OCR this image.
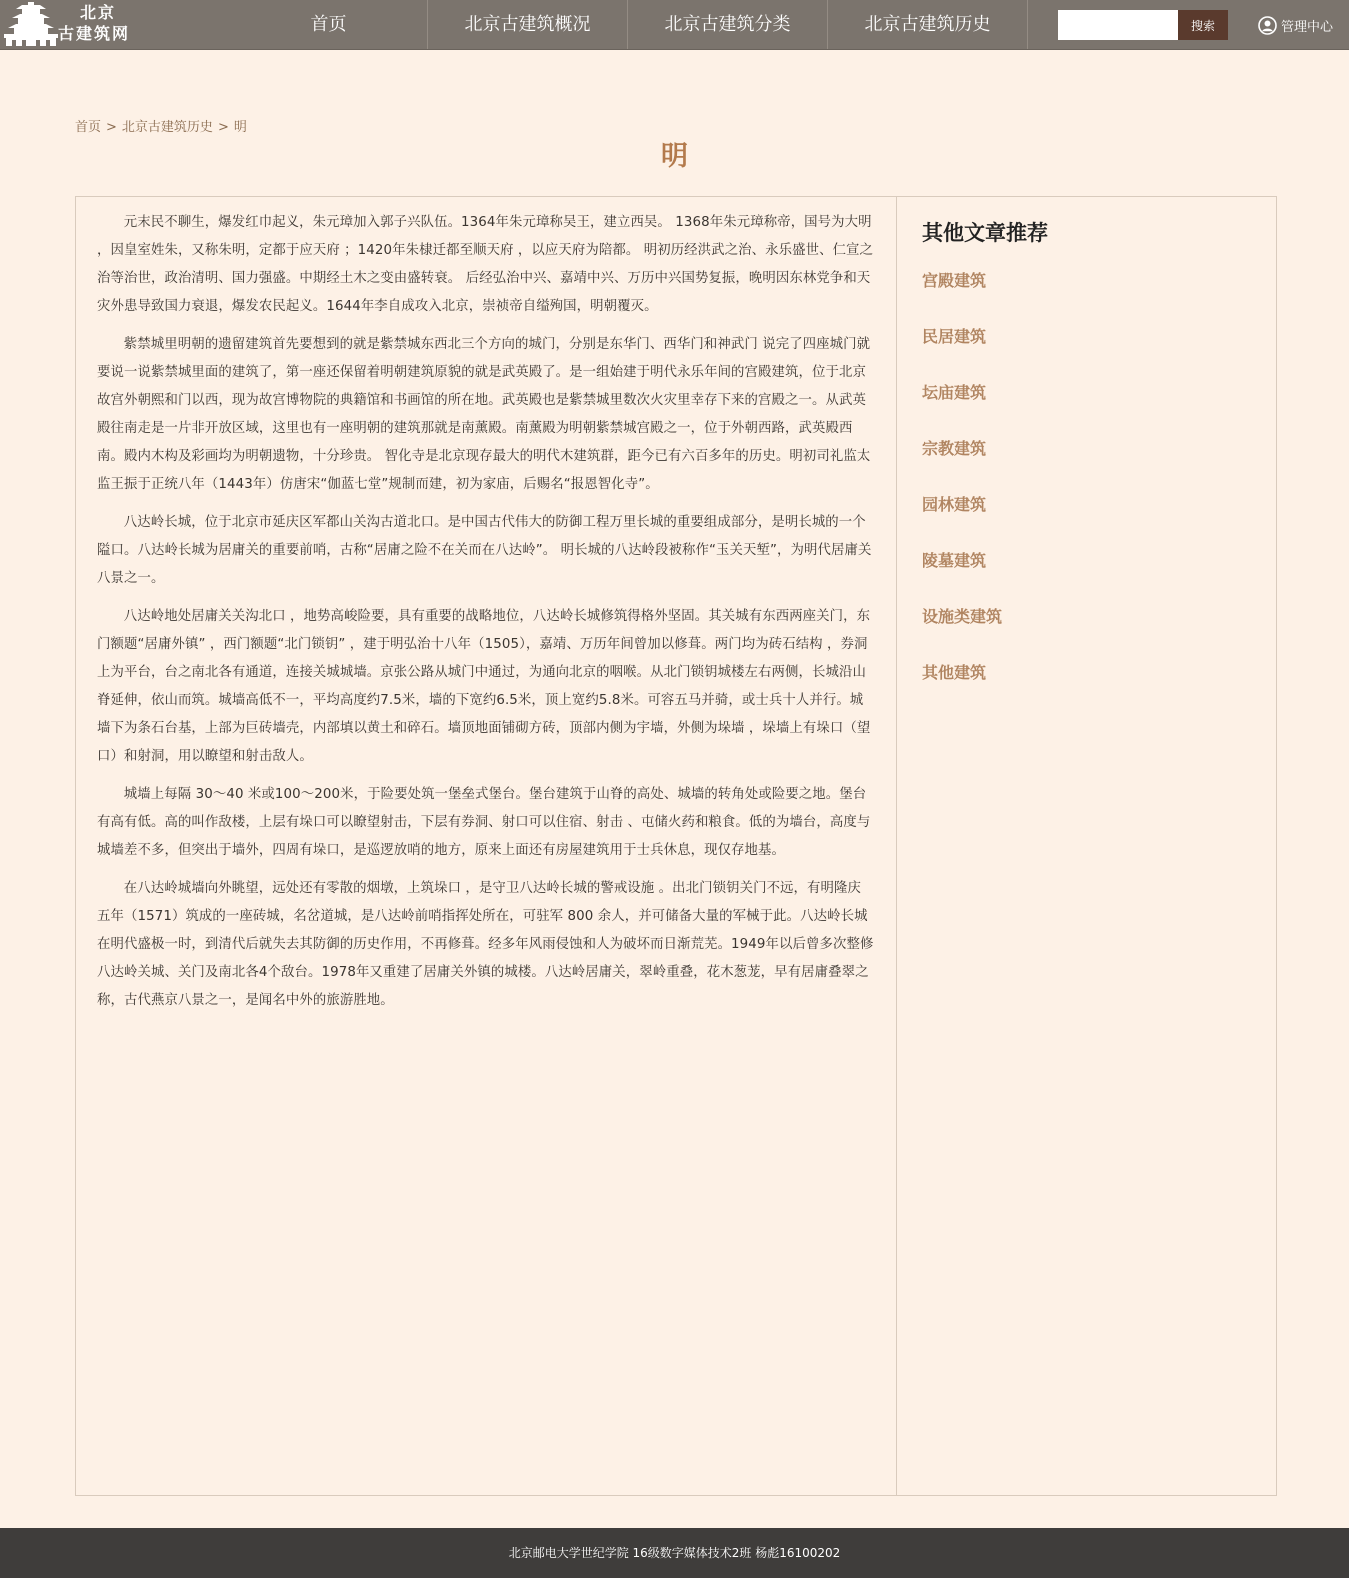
北京
古建筑网	首页	北京古建筑概况	北京古建筑分类	北京古建筑历史	搜索	管理中心
首页 > 北京古建筑历史 > 明
明

元末民不聊生，爆发红巾起义，朱元璋加入郭子兴队伍。1364年朱元璋称吴王，建立西吴。 1368年朱元璋称帝，国号为大明 ，因皇室姓朱，又称朱明，定都于应天府 ；1420年朱棣迁都至顺天府 ，以应天府为陪都。 明初历经洪武之治、永乐盛世、仁宣之治等治世，政治清明、国力强盛。中期经土木之变由盛转衰。 后经弘治中兴、嘉靖中兴、万历中兴国势复振，晚明因东林党争和天灾外患导致国力衰退，爆发农民起义。1644年李自成攻入北京，崇祯帝自缢殉国，明朝覆灭。

紫禁城里明朝的遗留建筑首先要想到的就是紫禁城东西北三个方向的城门，分别是东华门、西华门和神武门 说完了四座城门就要说一说紫禁城里面的建筑了，第一座还保留着明朝建筑原貌的就是武英殿了。是一组始建于明代永乐年间的宫殿建筑，位于北京故宫外朝熙和门以西，现为故宫博物院的典籍馆和书画馆的所在地。武英殿也是紫禁城里数次火灾里幸存下来的宫殿之一。从武英殿往南走是一片非开放区域，这里也有一座明朝的建筑那就是南薰殿。南薰殿为明朝紫禁城宫殿之一，位于外朝西路，武英殿西南。殿内木构及彩画均为明朝遗物，十分珍贵。 智化寺是北京现存最大的明代木建筑群，距今已有六百多年的历史。明初司礼监太监王振于正统八年（1443年）仿唐宋“伽蓝七堂”规制而建，初为家庙，后赐名“报恩智化寺”。

八达岭长城，位于北京市延庆区军都山关沟古道北口。是中国古代伟大的防御工程万里长城的重要组成部分，是明长城的一个隘口。八达岭长城为居庸关的重要前哨，古称“居庸之险不在关而在八达岭”。 明长城的八达岭段被称作“玉关天堑”，为明代居庸关八景之一。

八达岭地处居庸关关沟北口 ，地势高峻险要，具有重要的战略地位，八达岭长城修筑得格外坚固。其关城有东西两座关门，东门额题“居庸外镇” ，西门额题“北门锁钥” ，建于明弘治十八年（1505），嘉靖、万历年间曾加以修葺。两门均为砖石结构 ，券洞上为平台，台之南北各有通道，连接关城城墙。京张公路从城门中通过，为通向北京的咽喉。从北门锁钥城楼左右两侧，长城沿山脊延伸，依山而筑。城墙高低不一，平均高度约7.5米，墙的下宽约6.5米，顶上宽约5.8米。可容五马并骑，或士兵十人并行。城墙下为条石台基，上部为巨砖墙壳，内部填以黄土和碎石。墙顶地面铺砌方砖，顶部内侧为宇墙，外侧为垛墙 ，垛墙上有垛口（望口）和射洞，用以瞭望和射击敌人。

城墙上每隔 30～40 米或100～200米，于险要处筑一堡垒式堡台。堡台建筑于山脊的高处、城墙的转角处或险要之地。堡台有高有低。高的叫作敌楼，上层有垛口可以瞭望射击，下层有券洞、射口可以住宿、射击 、屯储火药和粮食。低的为墙台，高度与城墙差不多，但突出于墙外，四周有垛口，是巡逻放哨的地方，原来上面还有房屋建筑用于士兵休息，现仅存地基。

在八达岭城墙向外眺望，远处还有零散的烟墩，上筑垛口 ，是守卫八达岭长城的警戒设施 。出北门锁钥关门不远，有明隆庆五年（1571）筑成的一座砖城，名岔道城，是八达岭前哨指挥处所在，可驻军 800 余人，并可储备大量的军械于此。八达岭长城在明代盛极一时，到清代后就失去其防御的历史作用，不再修葺。经多年风雨侵蚀和人为破坏而日渐荒芜。1949年以后曾多次整修八达岭关城、关门及南北各4个敌台。1978年又重建了居庸关外镇的城楼。八达岭居庸关，翠岭重叠，花木葱茏，早有居庸叠翠之称，古代燕京八景之一，是闻名中外的旅游胜地。

其他文章推荐
宫殿建筑
民居建筑
坛庙建筑
宗教建筑
园林建筑
陵墓建筑
设施类建筑
其他建筑
北京邮电大学世纪学院 16级数字媒体技术2班 杨彪16100202
